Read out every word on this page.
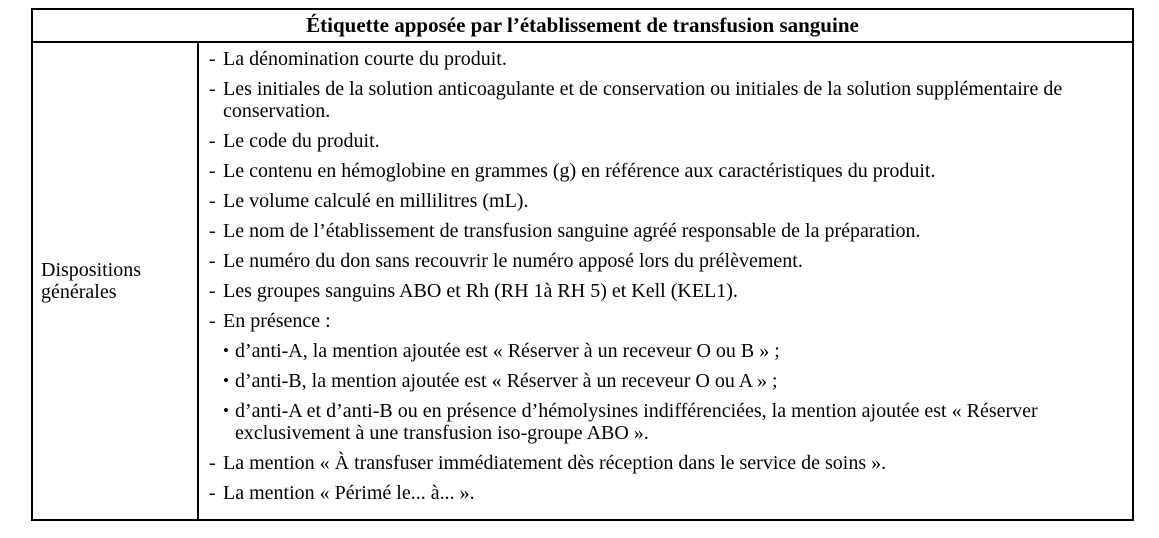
Étiquette apposée par l’établissement de transfusion sanguine
Dispositions
générales
- La dénomination courte du produit.
- Les initiales de la solution anticoagulante et de conservation ou initiales de la solution supplémentaire de conservation.
- Le code du produit.
- Le contenu en hémoglobine en grammes (g) en référence aux caractéristiques du produit.
- Le volume calculé en millilitres (mL).
- Le nom de l’établissement de transfusion sanguine agréé responsable de la préparation.
- Le numéro du don sans recouvrir le numéro apposé lors du prélèvement.
- Les groupes sanguins ABO et Rh (RH 1à RH 5) et Kell (KEL1).
- En présence :
• d’anti-A, la mention ajoutée est « Réserver à un receveur O ou B » ;
• d’anti-B, la mention ajoutée est « Réserver à un receveur O ou A » ;
• d’anti-A et d’anti-B ou en présence d’hémolysines indifférenciées, la mention ajoutée est « Réserver exclusivement à une transfusion iso-groupe ABO ».
- La mention « À transfuser immédiatement dès réception dans le service de soins ».
- La mention « Périmé le... à... ».
